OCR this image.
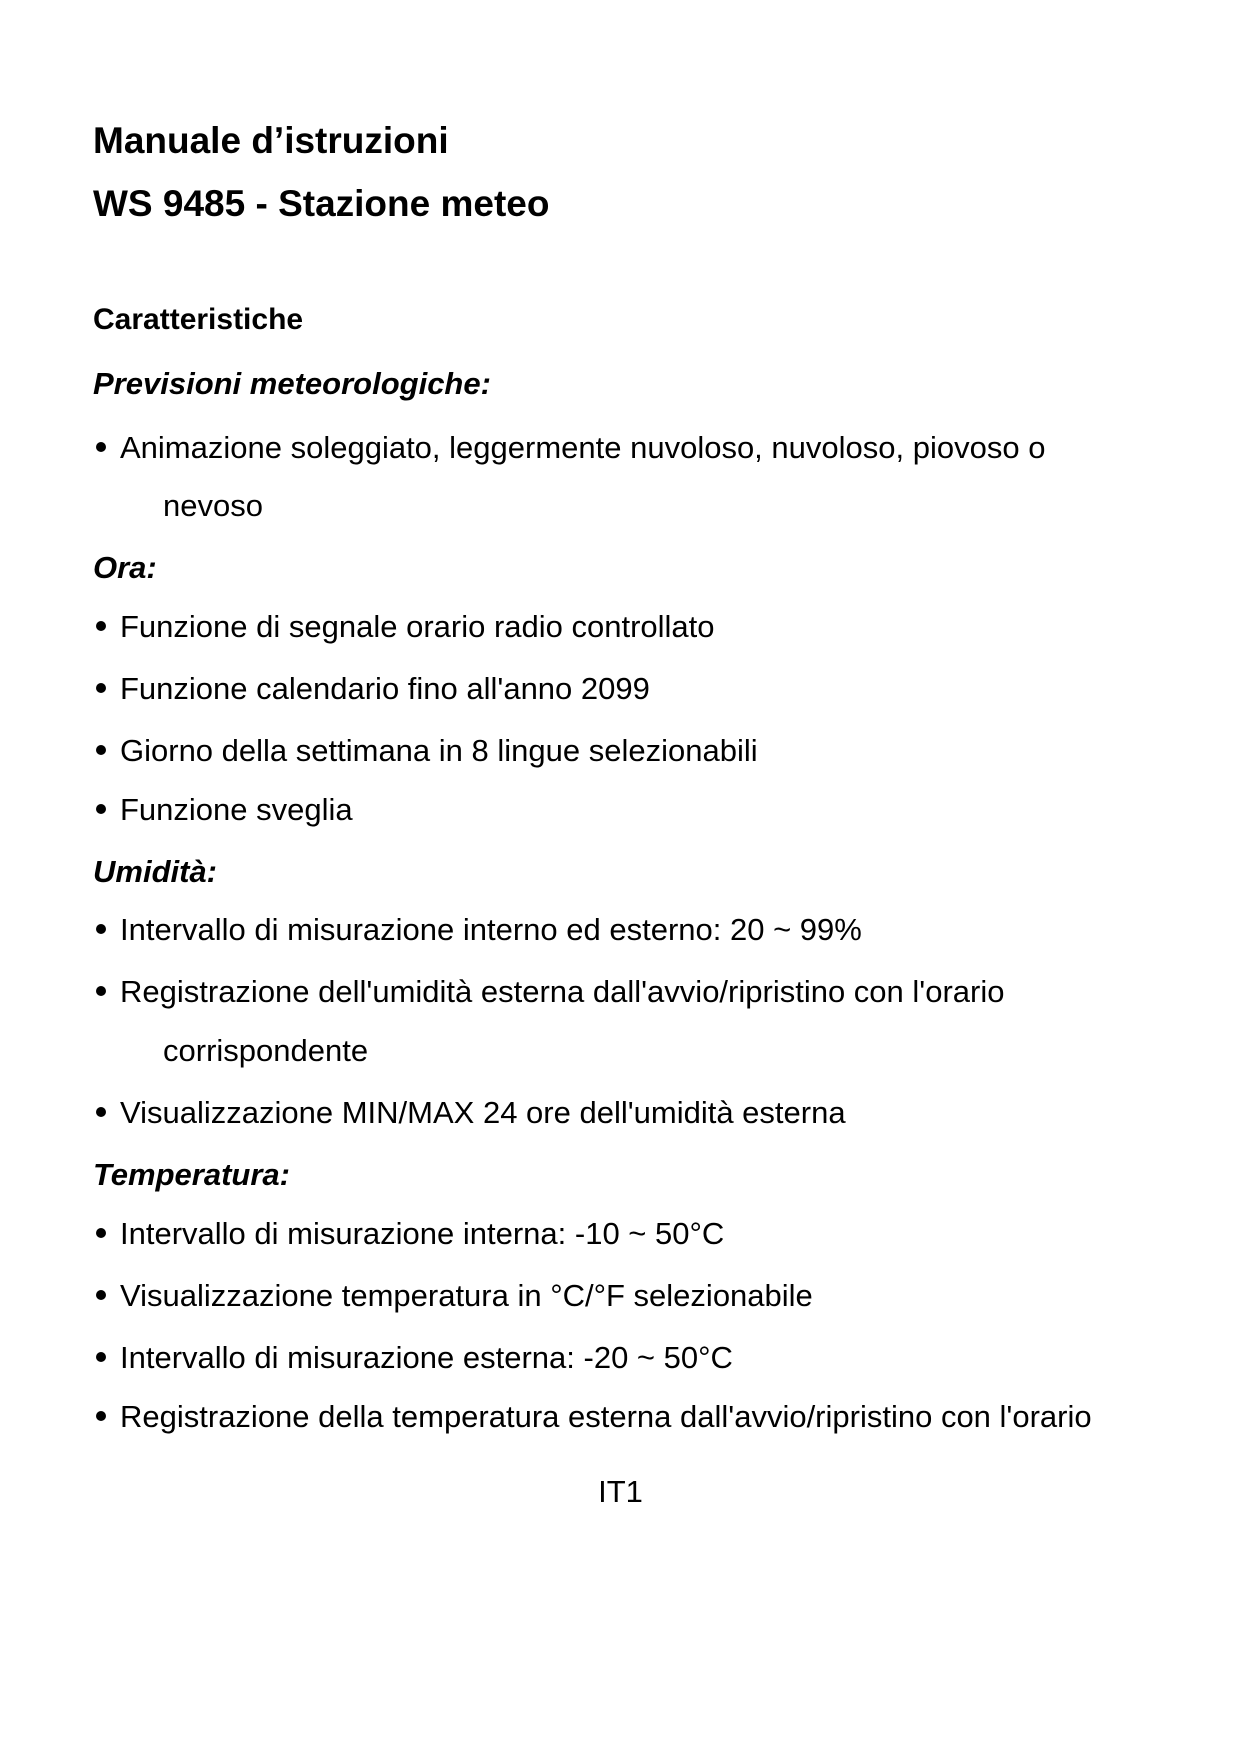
Manuale d’istruzioni
WS 9485 - Stazione meteo
Caratteristiche
Previsioni meteorologiche:
Animazione soleggiato, leggermente nuvoloso, nuvoloso, piovoso o
nevoso
Ora:
Funzione di segnale orario radio controllato
Funzione calendario fino all'anno 2099
Giorno della settimana in 8 lingue selezionabili
Funzione sveglia
Umidità:
Intervallo di misurazione interno ed esterno: 20 ~ 99%
Registrazione dell'umidità esterna dall'avvio/ripristino con l'orario
corrispondente
Visualizzazione MIN/MAX 24 ore dell'umidità esterna
Temperatura:
Intervallo di misurazione interna: -10 ~ 50°C
Visualizzazione temperatura in °C/°F selezionabile
Intervallo di misurazione esterna: -20 ~ 50°C
Registrazione della temperatura esterna dall'avvio/ripristino con l'orario
IT1
